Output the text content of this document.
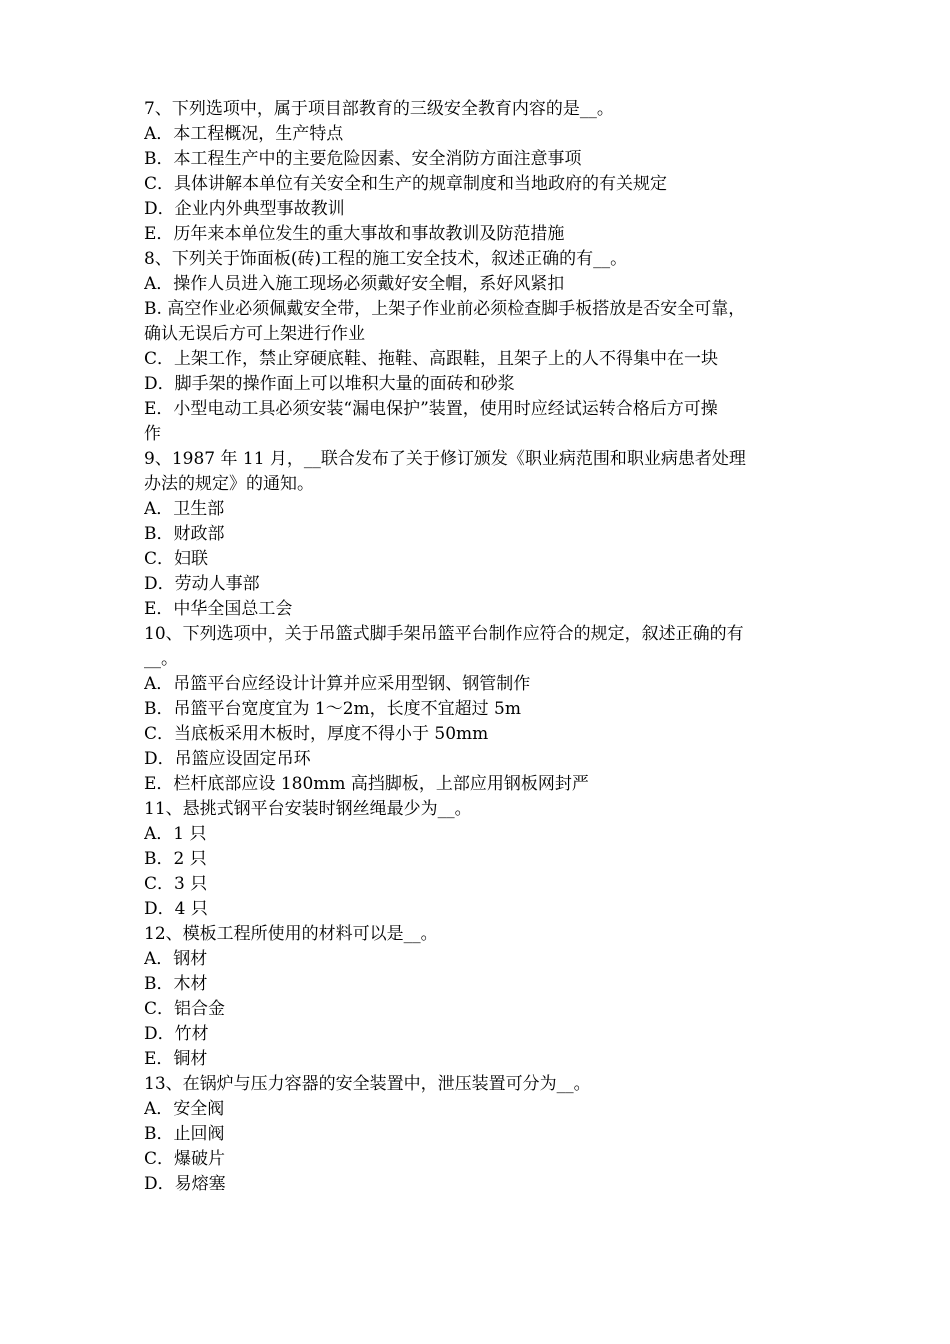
7、下列选项中，属于项目部教育的三级安全教育内容的是__。
A．本工程概况，生产特点
B．本工程生产中的主要危险因素、安全消防方面注意事项
C．具体讲解本单位有关安全和生产的规章制度和当地政府的有关规定
D．企业内外典型事故教训
E．历年来本单位发生的重大事故和事故教训及防范措施
8、下列关于饰面板(砖)工程的施工安全技术，叙述正确的有__。
A．操作人员进入施工现场必须戴好安全帽，系好风紧扣
B. 高空作业必须佩戴安全带，上架子作业前必须检查脚手板搭放是否安全可靠，
确认无误后方可上架进行作业
C．上架工作，禁止穿硬底鞋、拖鞋、高跟鞋，且架子上的人不得集中在一块
D．脚手架的操作面上可以堆积大量的面砖和砂浆
E．小型电动工具必须安装“漏电保护”装置，使用时应经试运转合格后方可操
作
9、1987 年 11 月，__联合发布了关于修订颁发《职业病范围和职业病患者处理
办法的规定》的通知。
A．卫生部
B．财政部
C．妇联
D．劳动人事部
E．中华全国总工会
10、下列选项中，关于吊篮式脚手架吊篮平台制作应符合的规定，叙述正确的有
__。
A．吊篮平台应经设计计算并应采用型钢、钢管制作
B．吊篮平台宽度宜为 1～2m，长度不宜超过 5m
C．当底板采用木板时，厚度不得小于 50mm
D．吊篮应设固定吊环
E．栏杆底部应设 180mm 高挡脚板，上部应用钢板网封严
11、悬挑式钢平台安装时钢丝绳最少为__。
A．1 只
B．2 只
C．3 只
D．4 只
12、模板工程所使用的材料可以是__。
A．钢材
B．木材
C．铝合金
D．竹材
E．铜材
13、在锅炉与压力容器的安全装置中，泄压装置可分为__。
A．安全阀
B．止回阀
C．爆破片
D．易熔塞
